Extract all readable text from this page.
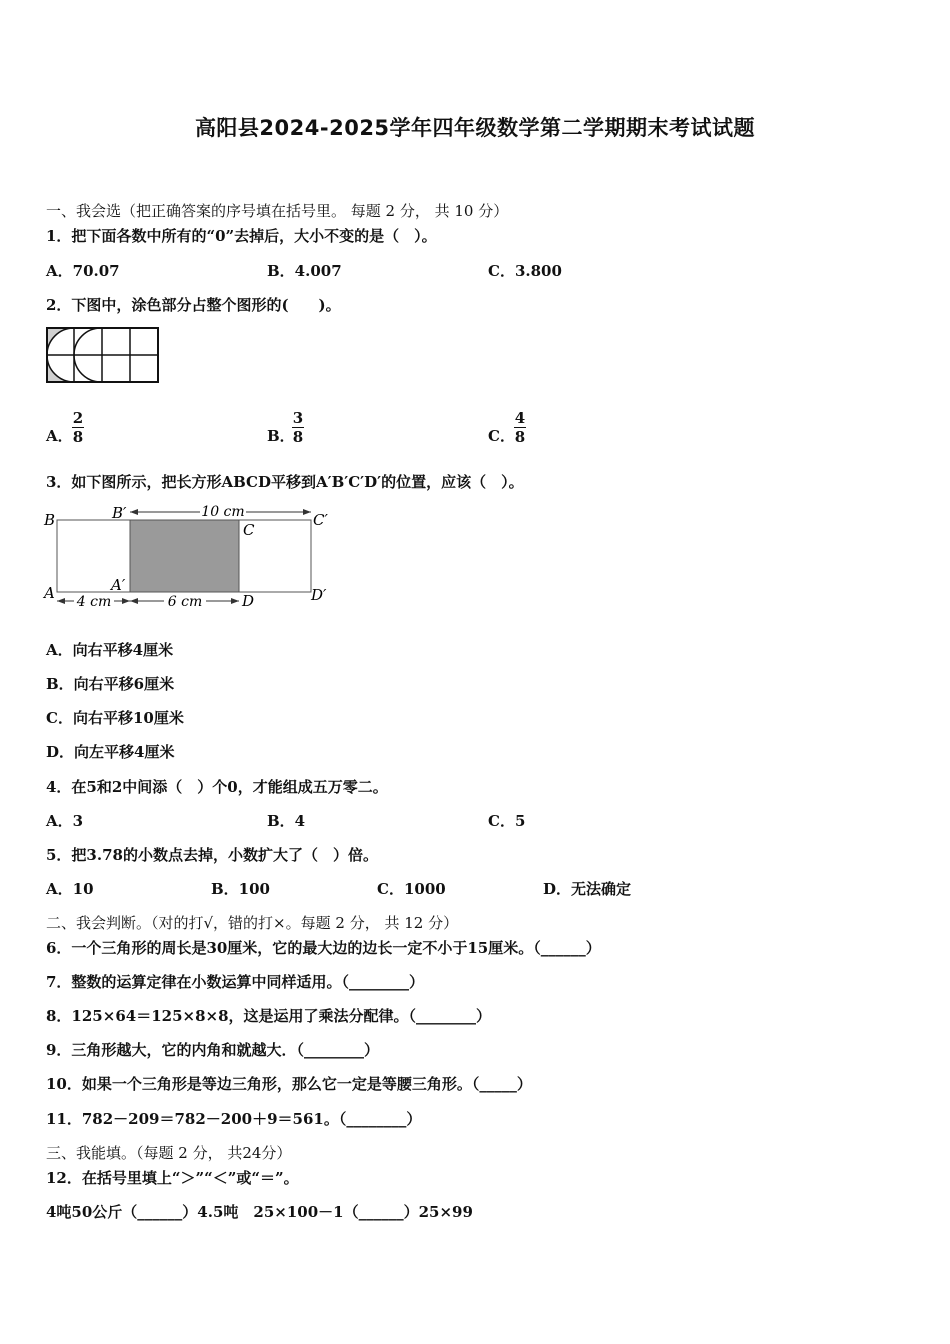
高阳县2024-2025学年四年级数学第二学期期末考试试题
一、我会选（把正确答案的序号填在括号里。 每题 2 分， 共 10 分）
1．把下面各数中所有的“0”去掉后，大小不变的是（　）。
A．70.07	B．4.007	C．3.800
2．下图中，涂色部分占整个图形的(　　)。
A． $\frac{2}{8}$	B．
$\frac{3}{8}$	C． $\frac{4}{8}$
3．如下图所示，把长方形ABCD平移到A′B′C′D′的位置，应该（　）。
10 cm
4 cm	6 cm
B	B′
C
C′
A	A′
D	D′
A．向右平移4厘米
B．向右平移6厘米
C．向右平移10厘米
D．向左平移4厘米
4．在5和2中间添（　）个0，才能组成五万零二。
A．3	B．4	C．5
5．把3.78的小数点去掉，小数扩大了（　）倍。
A．10	B．100	C．1000	D．无法确定
二、我会判断。（对的打√，错的打×。每题 2 分， 共 12 分）
6．一个三角形的周长是30厘米，它的最大边的边长一定不小于15厘米。（______）
7．整数的运算定律在小数运算中同样适用。（________）
8．125×64＝125×8×8，这是运用了乘法分配律。（________）
9．三角形越大，它的内角和就越大．（________）
10．如果一个三角形是等边三角形，那么它一定是等腰三角形。（_____）
11．782－209＝782－200＋9＝561。（________）
三、我能填。（每题 2 分， 共24分）
12．在括号里填上“＞”“＜”或“＝”。
4吨50公斤（______）4.5吨　25×100－1（______）25×99
